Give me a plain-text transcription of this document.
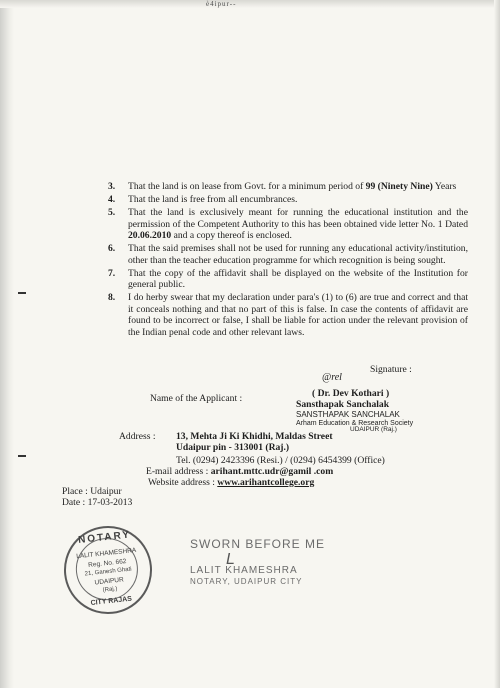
ѐ4ipur--
3. That the land is on lease from Govt. for a minimum period of 99 (Ninety Nine) Years
4. That the land is free from all encumbrances.
5. That the land is exclusively meant for running the educational institution and the permission of the Competent Authority to this has been obtained vide letter No. 1 Dated 20.06.2010 and a copy thereof is enclosed.
6. That the said premises shall not be used for running any educational activity/institution, other than the teacher education programme for which recognition is being sought.
7. That the copy of the affidavit shall be displayed on the website of the Institution for general public.
8. I do herby swear that my declaration under para's (1) to (6) are true and correct and that it conceals nothing and that no part of this is false. In case the contents of affidavit are found to be incorrect or false, I shall be liable for action under the relevant provision of the Indian penal code and other relevant laws.
Signature :
@rel
Name of the Applicant :	( Dr. Dev Kothari )
Sansthapak Sanchalak
SANSTHAPAK SANCHALAK
Arham Education & Research Society
UDAIPUR (Raj.)
Address : 13, Mehta Ji Ki Khidhi, Maldas Street
Udaipur pin - 313001 (Raj.)
Tel. (0294) 2423396 (Resi.) / (0294) 6454399 (Office)
E-mail address : arihant.mttc.udr@gamil .com
Website address : www.arihantcollege.org
Place : Udaipur
Date : 17-03-2013
NOTARY
LALIT KHAMESHRA
Reg. No. 662
21, Ganesh Ghati
UDAIPUR
(Raj.)
CITY RAJAS
SWORN BEFORE ME
L
LALIT KHAMESHRA
NOTARY, UDAIPUR CITY
